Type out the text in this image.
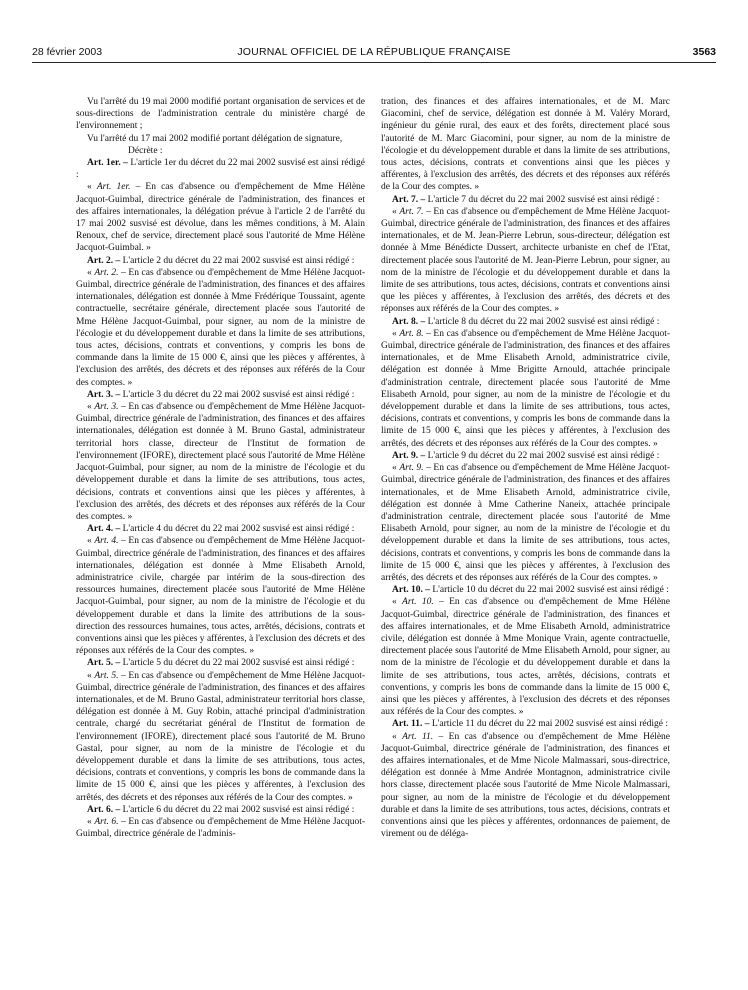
28 février 2003	JOURNAL OFFICIEL DE LA RÉPUBLIQUE FRANÇAISE	3563

Vu l'arrêté du 19 mai 2000 modifié portant organisation de services et de sous-directions de l'administration centrale du ministère chargé de l'environnement ;

Vu l'arrêté du 17 mai 2002 modifié portant délégation de signature,

Décrète :

Art. 1er. – L'article 1er du décret du 22 mai 2002 susvisé est ainsi rédigé :

« Art. 1er. – En cas d'absence ou d'empêchement de Mme Hélène Jacquot-Guimbal, directrice générale de l'administration, des finances et des affaires internationales, la délégation prévue à l'article 2 de l'arrêté du 17 mai 2002 susvisé est dévolue, dans les mêmes conditions, à M. Alain Renoux, chef de service, directement placé sous l'autorité de Mme Hélène Jacquot-Guimbal. »

Art. 2. – L'article 2 du décret du 22 mai 2002 susvisé est ainsi rédigé :

« Art. 2. – En cas d'absence ou d'empêchement de Mme Hélène Jacquot-Guimbal, directrice générale de l'administration, des finances et des affaires internationales, délégation est donnée à Mme Frédérique Toussaint, agente contractuelle, secrétaire générale, directement placée sous l'autorité de Mme Hélène Jacquot-Guimbal, pour signer, au nom de la ministre de l'écologie et du développement durable et dans la limite de ses attributions, tous actes, décisions, contrats et conventions, y compris les bons de commande dans la limite de 15 000 €, ainsi que les pièces y afférentes, à l'exclusion des arrêtés, des décrets et des réponses aux référés de la Cour des comptes. »

Art. 3. – L'article 3 du décret du 22 mai 2002 susvisé est ainsi rédigé :

« Art. 3. – En cas d'absence ou d'empêchement de Mme Hélène Jacquot-Guimbal, directrice générale de l'administration, des finances et des affaires internationales, délégation est donnée à M. Bruno Gastal, administrateur territorial hors classe, directeur de l'Institut de formation de l'environnement (IFORE), directement placé sous l'autorité de Mme Hélène Jacquot-Guimbal, pour signer, au nom de la ministre de l'écologie et du développement durable et dans la limite de ses attributions, tous actes, décisions, contrats et conventions ainsi que les pièces y afférentes, à l'exclusion des arrêtés, des décrets et des réponses aux référés de la Cour des comptes. »

Art. 4. – L'article 4 du décret du 22 mai 2002 susvisé est ainsi rédigé :

« Art. 4. – En cas d'absence ou d'empêchement de Mme Hélène Jacquot-Guimbal, directrice générale de l'administration, des finances et des affaires internationales, délégation est donnée à Mme Elisabeth Arnold, administratrice civile, chargée par intérim de la sous-direction des ressources humaines, directement placée sous l'autorité de Mme Hélène Jacquot-Guimbal, pour signer, au nom de la ministre de l'écologie et du développement durable et dans la limite des attributions de la sous-direction des ressources humaines, tous actes, arrêtés, décisions, contrats et conventions ainsi que les pièces y afférentes, à l'exclusion des décrets et des réponses aux référés de la Cour des comptes. »

Art. 5. – L'article 5 du décret du 22 mai 2002 susvisé est ainsi rédigé :

« Art. 5. – En cas d'absence ou d'empêchement de Mme Hélène Jacquot-Guimbal, directrice générale de l'administration, des finances et des affaires internationales, et de M. Bruno Gastal, administrateur territorial hors classe, délégation est donnée à M. Guy Robin, attaché principal d'administration centrale, chargé du secrétariat général de l'Institut de formation de l'environnement (IFORE), directement placé sous l'autorité de M. Bruno Gastal, pour signer, au nom de la ministre de l'écologie et du développement durable et dans la limite de ses attributions, tous actes, décisions, contrats et conventions, y compris les bons de commande dans la limite de 15 000 €, ainsi que les pièces y afférentes, à l'exclusion des arrêtés, des décrets et des réponses aux référés de la Cour des comptes. »

Art. 6. – L'article 6 du décret du 22 mai 2002 susvisé est ainsi rédigé :

« Art. 6. – En cas d'absence ou d'empêchement de Mme Hélène Jacquot-Guimbal, directrice générale de l'adminis-

tration, des finances et des affaires internationales, et de M. Marc Giacomini, chef de service, délégation est donnée à M. Valéry Morard, ingénieur du génie rural, des eaux et des forêts, directement placé sous l'autorité de M. Marc Giacomini, pour signer, au nom de la ministre de l'écologie et du développement durable et dans la limite de ses attributions, tous actes, décisions, contrats et conventions ainsi que les pièces y afférentes, à l'exclusion des arrêtés, des décrets et des réponses aux référés de la Cour des comptes. »

Art. 7. – L'article 7 du décret du 22 mai 2002 susvisé est ainsi rédigé :

« Art. 7. – En cas d'absence ou d'empêchement de Mme Hélène Jacquot-Guimbal, directrice générale de l'administration, des finances et des affaires internationales, et de M. Jean-Pierre Lebrun, sous-directeur, délégation est donnée à Mme Bénédicte Dussert, architecte urbaniste en chef de l'Etat, directement placée sous l'autorité de M. Jean-Pierre Lebrun, pour signer, au nom de la ministre de l'écologie et du développement durable et dans la limite de ses attributions, tous actes, décisions, contrats et conventions ainsi que les pièces y afférentes, à l'exclusion des arrêtés, des décrets et des réponses aux référés de la Cour des comptes. »

Art. 8. – L'article 8 du décret du 22 mai 2002 susvisé est ainsi rédigé :

« Art. 8. – En cas d'absence ou d'empêchement de Mme Hélène Jacquot-Guimbal, directrice générale de l'administration, des finances et des affaires internationales, et de Mme Elisabeth Arnold, administratrice civile, délégation est donnée à Mme Brigitte Arnould, attachée principale d'administration centrale, directement placée sous l'autorité de Mme Elisabeth Arnold, pour signer, au nom de la ministre de l'écologie et du développement durable et dans la limite de ses attributions, tous actes, décisions, contrats et conventions, y compris les bons de commande dans la limite de 15 000 €, ainsi que les pièces y afférentes, à l'exclusion des arrêtés, des décrets et des réponses aux référés de la Cour des comptes. »

Art. 9. – L'article 9 du décret du 22 mai 2002 susvisé est ainsi rédigé :

« Art. 9. – En cas d'absence ou d'empêchement de Mme Hélène Jacquot-Guimbal, directrice générale de l'administration, des finances et des affaires internationales, et de Mme Elisabeth Arnold, administratrice civile, délégation est donnée à Mme Catherine Naneix, attachée principale d'administration centrale, directement placée sous l'autorité de Mme Elisabeth Arnold, pour signer, au nom de la ministre de l'écologie et du développement durable et dans la limite de ses attributions, tous actes, décisions, contrats et conventions, y compris les bons de commande dans la limite de 15 000 €, ainsi que les pièces y afférentes, à l'exclusion des arrêtés, des décrets et des réponses aux référés de la Cour des comptes. »

Art. 10. – L'article 10 du décret du 22 mai 2002 susvisé est ainsi rédigé :

« Art. 10. – En cas d'absence ou d'empêchement de Mme Hélène Jacquot-Guimbal, directrice générale de l'administration, des finances et des affaires internationales, et de Mme Elisabeth Arnold, administratrice civile, délégation est donnée à Mme Monique Vrain, agente contractuelle, directement placée sous l'autorité de Mme Elisabeth Arnold, pour signer, au nom de la ministre de l'écologie et du développement durable et dans la limite de ses attributions, tous actes, arrêtés, décisions, contrats et conventions, y compris les bons de commande dans la limite de 15 000 €, ainsi que les pièces y afférentes, à l'exclusion des décrets et des réponses aux référés de la Cour des comptes. »

Art. 11. – L'article 11 du décret du 22 mai 2002 susvisé est ainsi rédigé :

« Art. 11. – En cas d'absence ou d'empêchement de Mme Hélène Jacquot-Guimbal, directrice générale de l'administration, des finances et des affaires internationales, et de Mme Nicole Malmassari, sous-directrice, délégation est donnée à Mme Andrée Montagnon, administratrice civile hors classe, directement placée sous l'autorité de Mme Nicole Malmassari, pour signer, au nom de la ministre de l'écologie et du développement durable et dans la limite de ses attributions, tous actes, décisions, contrats et conventions ainsi que les pièces y afférentes, ordonnances de paiement, de virement ou de déléga-
